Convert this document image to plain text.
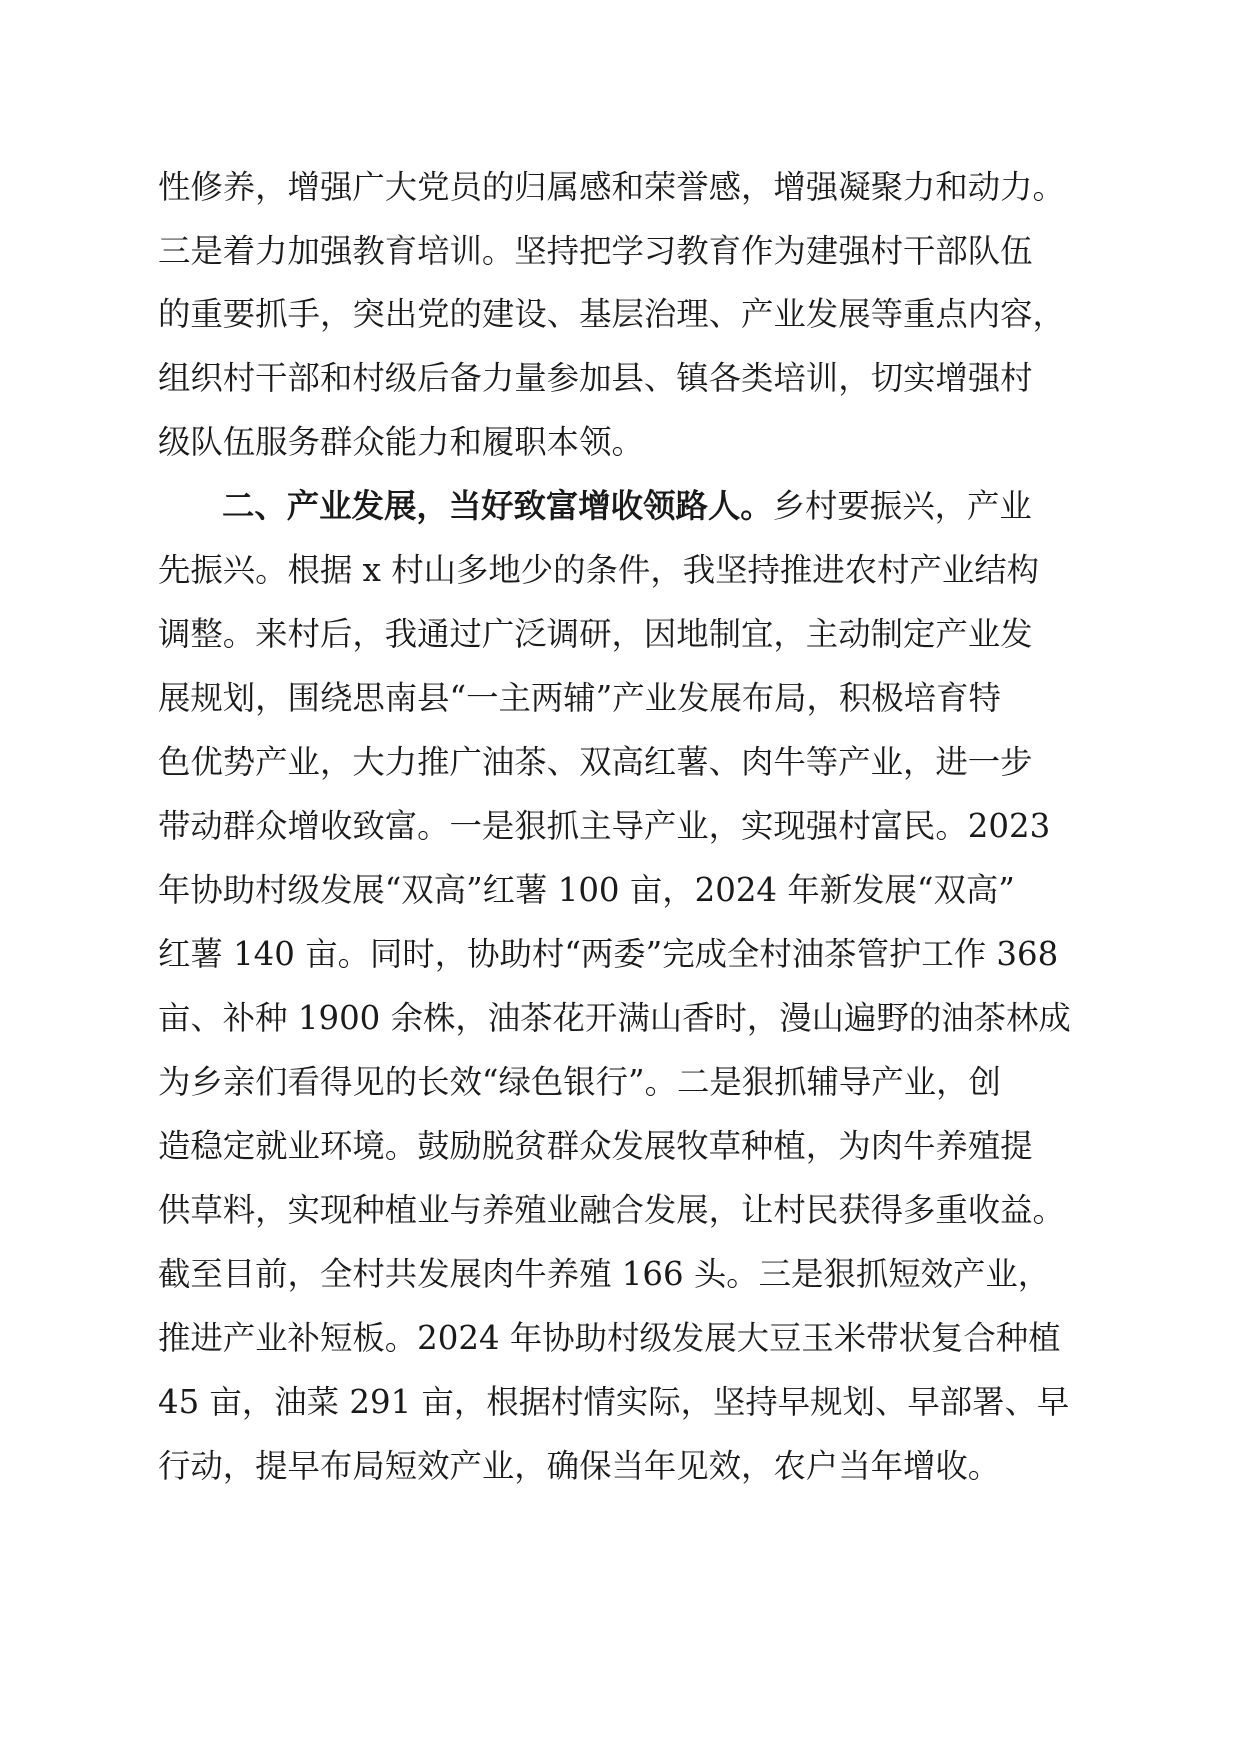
性修养，增强广大党员的归属感和荣誉感，增强凝聚力和动力。
三是着力加强教育培训。坚持把学习教育作为建强村干部队伍
的重要抓手，突出党的建设、基层治理、产业发展等重点内容，
组织村干部和村级后备力量参加县、镇各类培训，切实增强村
级队伍服务群众能力和履职本领。
二、产业发展，当好致富增收领路人。乡村要振兴，产业
先振兴。根据 x 村山多地少的条件，我坚持推进农村产业结构
调整。来村后，我通过广泛调研，因地制宜，主动制定产业发
展规划，围绕思南县“一主两辅”产业发展布局，积极培育特
色优势产业，大力推广油茶、双高红薯、肉牛等产业，进一步
带动群众增收致富。一是狠抓主导产业，实现强村富民。2023
年协助村级发展“双高”红薯 100 亩，2024 年新发展“双高”
红薯 140 亩。同时，协助村“两委”完成全村油茶管护工作 368
亩、补种 1900 余株，油茶花开满山香时，漫山遍野的油茶林成
为乡亲们看得见的长效“绿色银行”。二是狠抓辅导产业，创
造稳定就业环境。鼓励脱贫群众发展牧草种植，为肉牛养殖提
供草料，实现种植业与养殖业融合发展，让村民获得多重收益。
截至目前，全村共发展肉牛养殖 166 头。三是狠抓短效产业，
推进产业补短板。2024 年协助村级发展大豆玉米带状复合种植
45 亩，油菜 291 亩，根据村情实际，坚持早规划、早部署、早
行动，提早布局短效产业，确保当年见效，农户当年增收。
